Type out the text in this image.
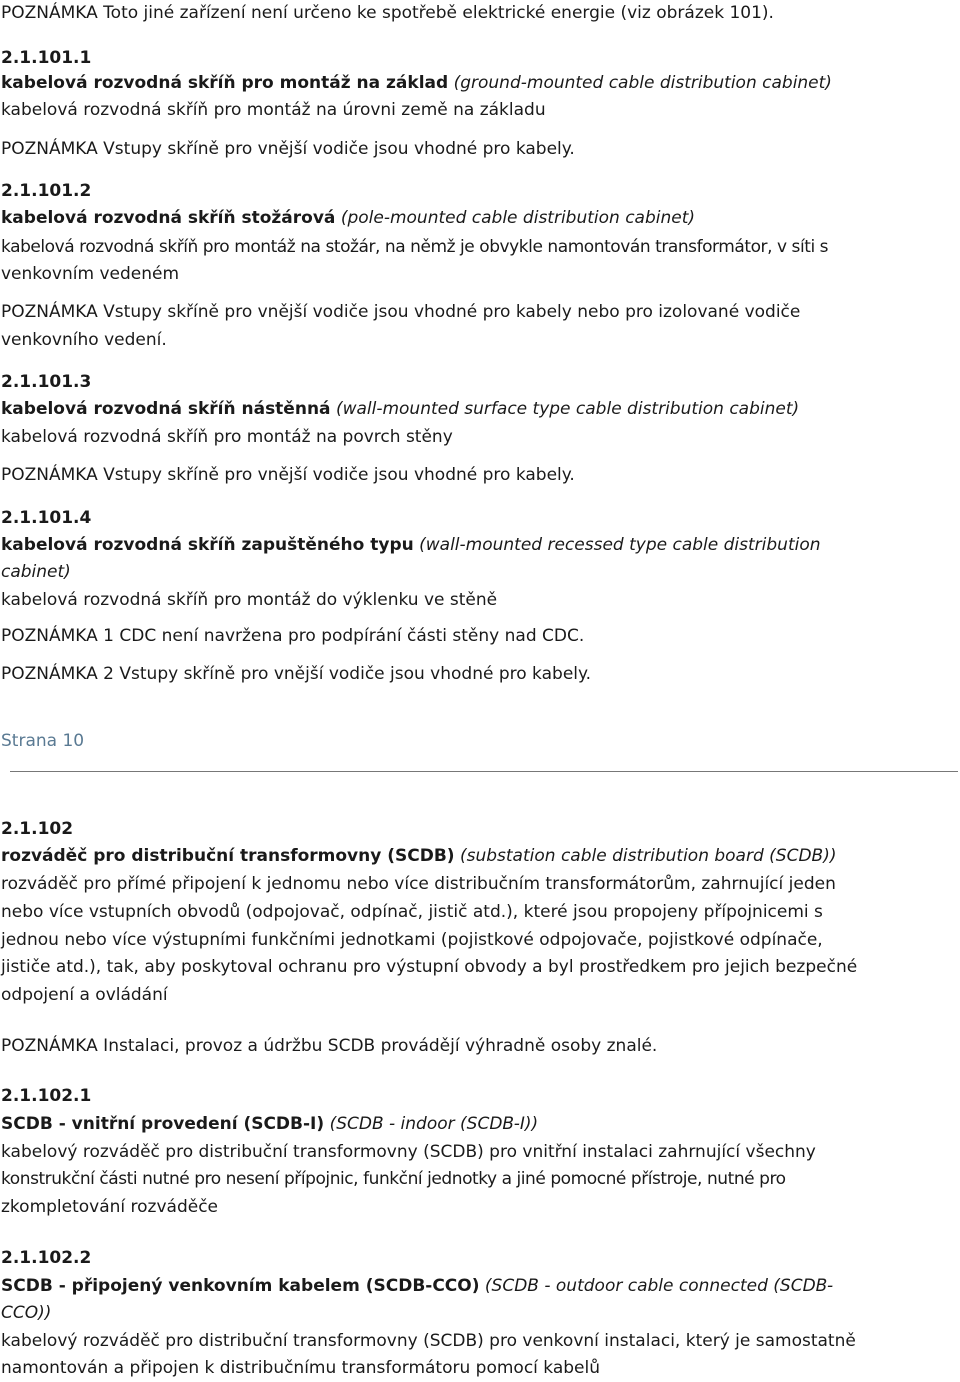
POZNÁMKA Toto jiné zařízení není určeno ke spotřebě elektrické energie (viz obrázek 101).
2.1.101.1
kabelová rozvodná skříň pro montáž na základ (ground-mounted cable distribution cabinet)
kabelová rozvodná skříň pro montáž na úrovni země na základu
POZNÁMKA Vstupy skříně pro vnější vodiče jsou vhodné pro kabely.
2.1.101.2
kabelová rozvodná skříň stožárová (pole-mounted cable distribution cabinet)
kabelová rozvodná skříň pro montáž na stožár, na němž je obvykle namontován transformátor, v síti s
venkovním vedeném
POZNÁMKA Vstupy skříně pro vnější vodiče jsou vhodné pro kabely nebo pro izolované vodiče
venkovního vedení.
2.1.101.3
kabelová rozvodná skříň nástěnná (wall-mounted surface type cable distribution cabinet)
kabelová rozvodná skříň pro montáž na povrch stěny
POZNÁMKA Vstupy skříně pro vnější vodiče jsou vhodné pro kabely.
2.1.101.4
kabelová rozvodná skříň zapuštěného typu (wall-mounted recessed type cable distribution
cabinet)
kabelová rozvodná skříň pro montáž do výklenku ve stěně
POZNÁMKA 1 CDC není navržena pro podpírání části stěny nad CDC.
POZNÁMKA 2 Vstupy skříně pro vnější vodiče jsou vhodné pro kabely.
Strana 10
2.1.102
rozváděč pro distribuční transformovny (SCDB) (substation cable distribution board (SCDB))
rozváděč pro přímé připojení k jednomu nebo více distribučním transformátorům, zahrnující jeden
nebo více vstupních obvodů (odpojovač, odpínač, jistič atd.), které jsou propojeny přípojnicemi s
jednou nebo více výstupními funkčními jednotkami (pojistkové odpojovače, pojistkové odpínače,
jističe atd.), tak, aby poskytoval ochranu pro výstupní obvody a byl prostředkem pro jejich bezpečné
odpojení a ovládání
POZNÁMKA Instalaci, provoz a údržbu SCDB provádějí výhradně osoby znalé.
2.1.102.1
SCDB - vnitřní provedení (SCDB-I) (SCDB - indoor (SCDB-I))
kabelový rozváděč pro distribuční transformovny (SCDB) pro vnitřní instalaci zahrnující všechny
konstrukční části nutné pro nesení přípojnic, funkční jednotky a jiné pomocné přístroje, nutné pro
zkompletování rozváděče
2.1.102.2
SCDB - připojený venkovním kabelem (SCDB-CCO) (SCDB - outdoor cable connected (SCDB-
CCO))
kabelový rozváděč pro distribuční transformovny (SCDB) pro venkovní instalaci, který je samostatně
namontován a připojen k distribučnímu transformátoru pomocí kabelů
